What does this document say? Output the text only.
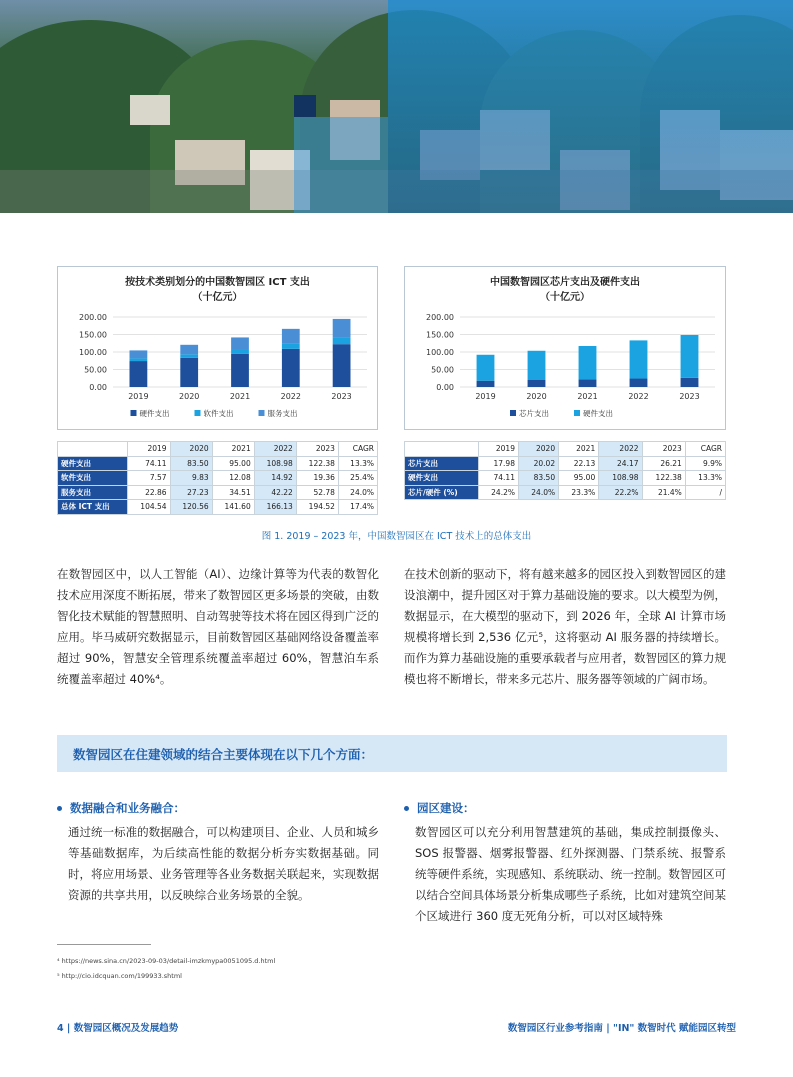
按技术类别划分的中国数智园区 ICT 支出
（十亿元）
200.00
150.00
100.00
50.00
0.00
2019	2020	2021	2022	2023
硬件支出	软件支出	服务支出
中国数智园区芯片支出及硬件支出
（十亿元）
200.00
150.00
100.00
50.00
0.00
2019	2020	2021	2022	2023
芯片支出	硬件支出
十亿元	2019	2020	2021	2022	2023	CAGR
硬件支出	74.11	83.50	95.00	108.98	122.38	13.3%
软件支出	7.57	9.83	12.08	14.92	19.36	25.4%
服务支出	22.86	27.23	34.51	42.22	52.78	24.0%
总体 ICT 支出	104.54	120.56	141.60	166.13	194.52	17.4%
十亿元	2019	2020	2021	2022	2023	CAGR
芯片支出	17.98	20.02	22.13	24.17	26.21	9.9%
硬件支出	74.11	83.50	95.00	108.98	122.38	13.3%
芯片/硬件 (%)	24.2%	24.0%	23.3%	22.2%	21.4%	/
图 1. 2019 – 2023 年，中国数智园区在 ICT 技术上的总体支出
在数智园区中，以人工智能（AI）、边缘计算等为代表的数智化技术应用深度不断拓展，带来了数智园区更多场景的突破，由数智化技术赋能的智慧照明、自动驾驶等技术将在园区得到广泛的应用。毕马威研究数据显示，目前数智园区基础网络设备覆盖率超过 90%，智慧安全管理系统覆盖率超过 60%，智慧泊车系统覆盖率超过 40%⁴。
在技术创新的驱动下，将有越来越多的园区投入到数智园区的建设浪潮中，提升园区对于算力基础设施的要求。以大模型为例，数据显示，在大模型的驱动下，到 2026 年，全球 AI 计算市场规模将增长到 2,536 亿元⁵，这将驱动 AI 服务器的持续增长。而作为算力基础设施的重要承载者与应用者，数智园区的算力规模也将不断增长，带来多元芯片、服务器等领域的广阔市场。
数智园区在住建领域的结合主要体现在以下几个方面：
数据融合和业务融合：
通过统一标准的数据融合，可以构建项目、企业、人员和城乡等基础数据库，为后续高性能的数据分析夯实数据基础。同时，将应用场景、业务管理等各业务数据关联起来，实现数据资源的共享共用，以反映综合业务场景的全貌。
园区建设：
数智园区可以充分利用智慧建筑的基础，集成控制摄像头、SOS 报警器、烟雾报警器、红外探测器、门禁系统、报警系统等硬件系统，实现感知、系统联动、统一控制。数智园区可以结合空间具体场景分析集成哪些子系统，比如对建筑空间某个区域进行 360 度无死角分析，可以对区域特殊
⁴ https://news.sina.cn/2023-09-03/detail-imzkmypa0051095.d.html
⁵ http://cio.idcquan.com/199933.shtml
4 | 数智园区概况及发展趋势	数智园区行业参考指南 | "IN" 数智时代 赋能园区转型
